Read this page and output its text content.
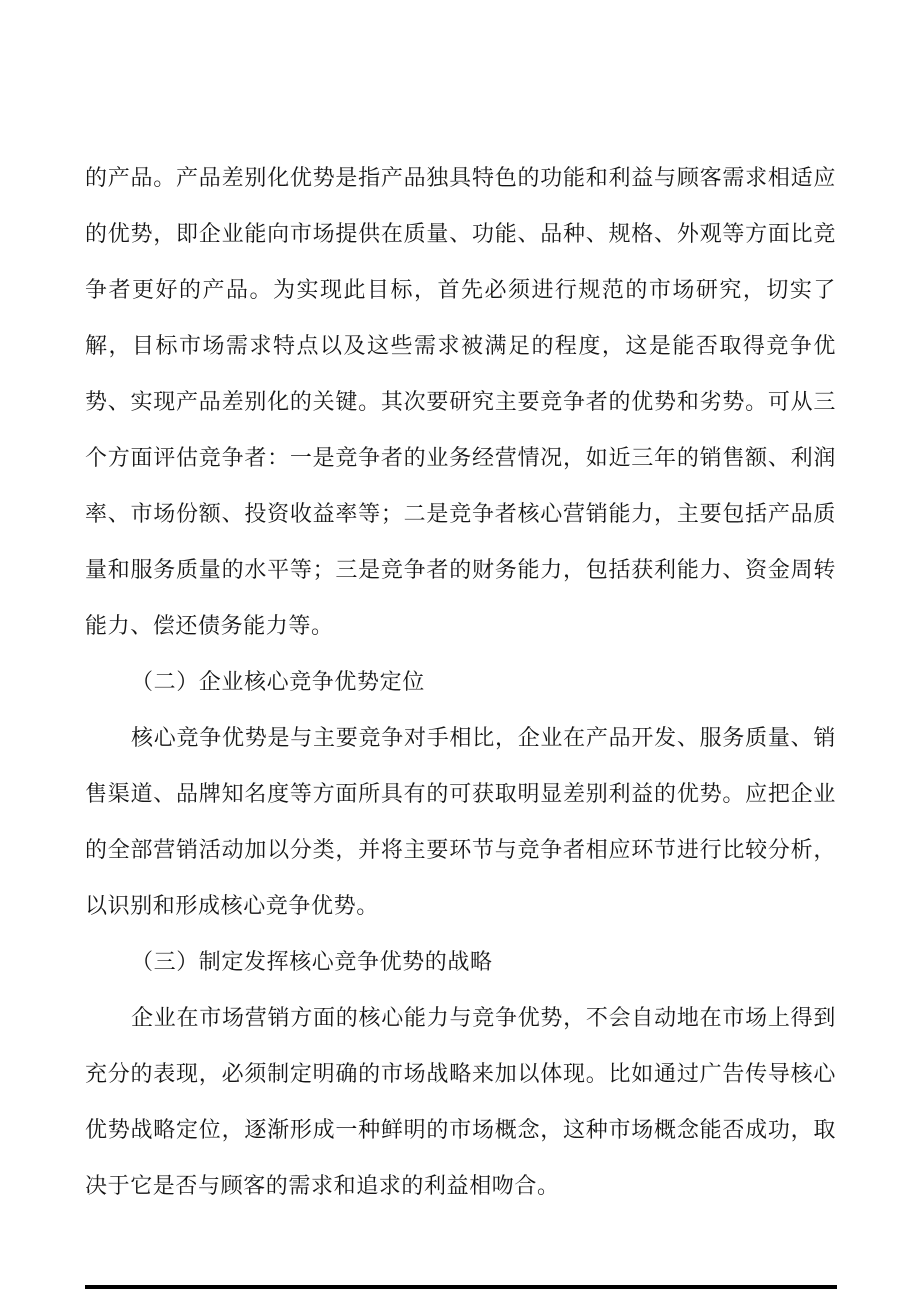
的产品。产品差别化优势是指产品独具特色的功能和利益与顾客需求相适应的优势，即企业能向市场提供在质量、功能、品种、规格、外观等方面比竞争者更好的产品。为实现此目标，首先必须进行规范的市场研究，切实了解，目标市场需求特点以及这些需求被满足的程度，这是能否取得竞争优势、实现产品差别化的关键。其次要研究主要竞争者的优势和劣势。可从三个方面评估竞争者：一是竞争者的业务经营情况，如近三年的销售额、利润率、市场份额、投资收益率等；二是竞争者核心营销能力，主要包括产品质量和服务质量的水平等；三是竞争者的财务能力，包括获利能力、资金周转能力、偿还债务能力等。

（二）企业核心竞争优势定位

核心竞争优势是与主要竞争对手相比，企业在产品开发、服务质量、销售渠道、品牌知名度等方面所具有的可获取明显差别利益的优势。应把企业的全部营销活动加以分类，并将主要环节与竞争者相应环节进行比较分析，以识别和形成核心竞争优势。

（三）制定发挥核心竞争优势的战略

企业在市场营销方面的核心能力与竞争优势，不会自动地在市场上得到充分的表现，必须制定明确的市场战略来加以体现。比如通过广告传导核心优势战略定位，逐渐形成一种鲜明的市场概念，这种市场概念能否成功，取决于它是否与顾客的需求和追求的利益相吻合。
